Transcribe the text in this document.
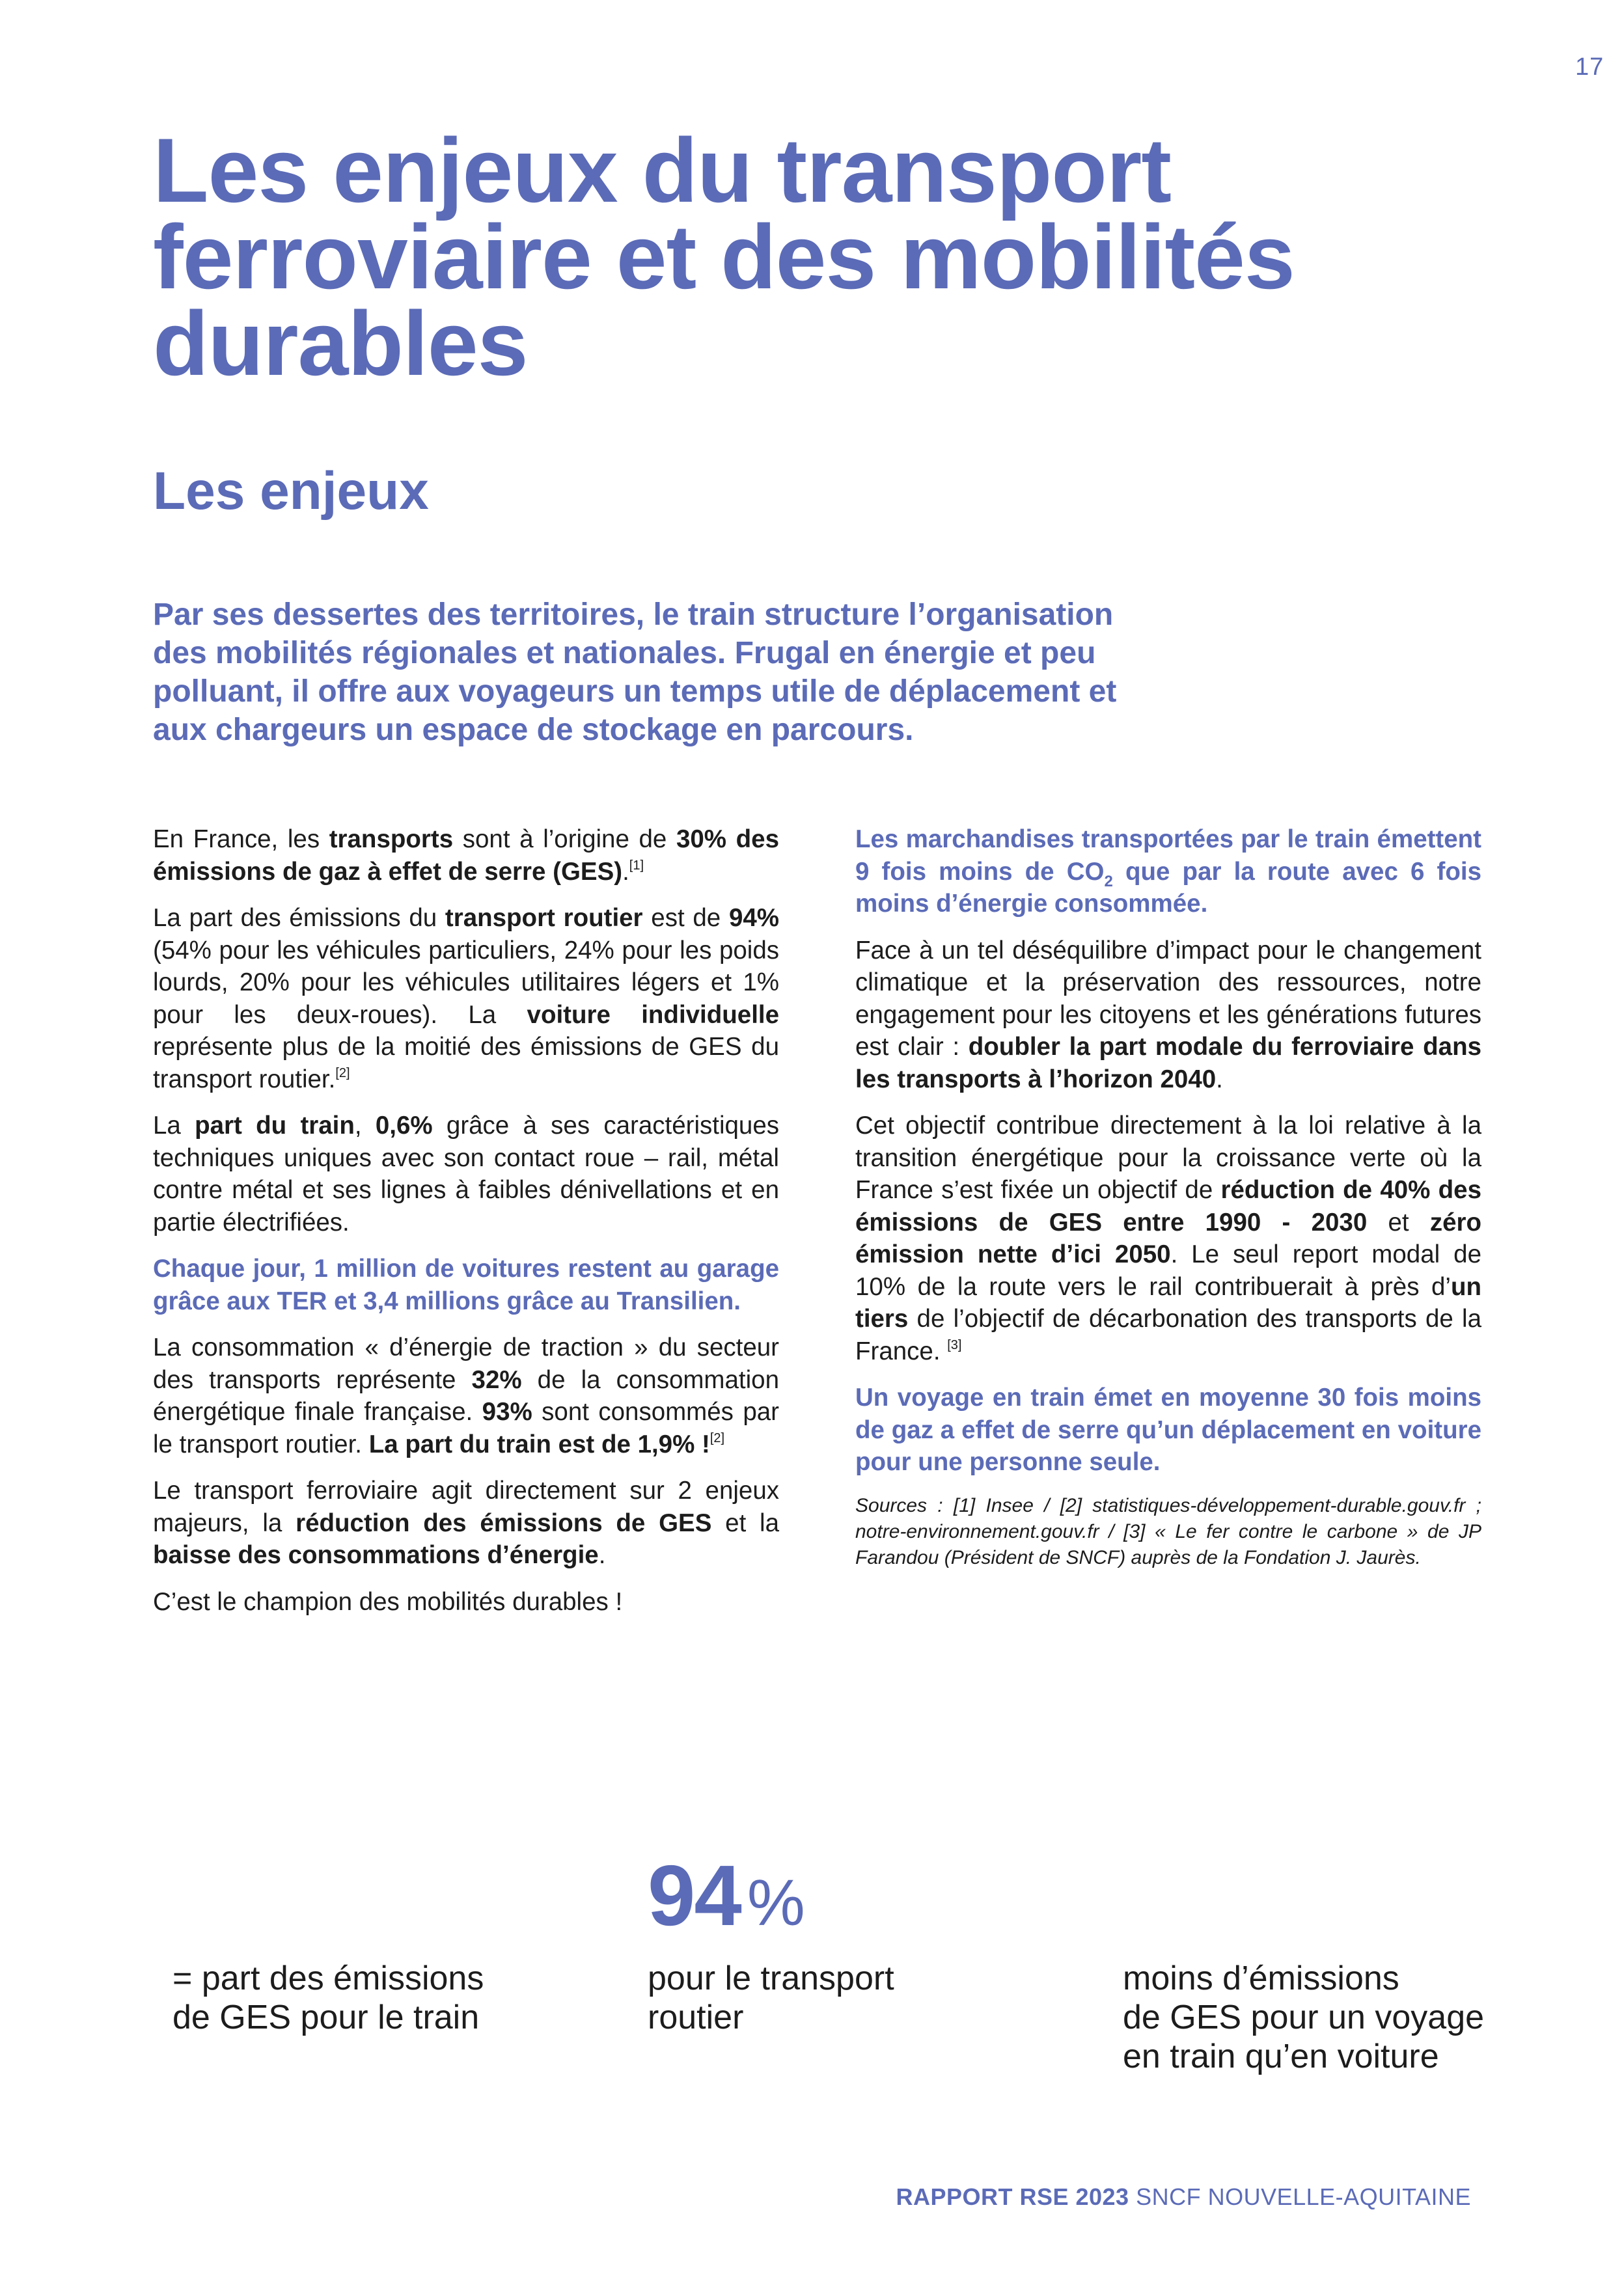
17
Les enjeux du transport ferroviaire et des mobilités durables
Les enjeux
Par ses dessertes des territoires, le train structure l’organisation des mobilités régionales et nationales. Frugal en énergie et peu polluant, il offre aux voyageurs un temps utile de déplacement et aux chargeurs un espace de stockage en parcours.

En France, les transports sont à l’origine de 30% des émissions de gaz à effet de serre (GES).[1]

La part des émissions du transport routier est de 94% (54% pour les véhicules particuliers, 24% pour les poids lourds, 20% pour les véhicules utilitaires légers et 1% pour les deux-roues). La voiture individuelle représente plus de la moitié des émissions de GES du transport routier.[2]

La part du train, 0,6% grâce à ses caractéristiques techniques uniques avec son contact roue – rail, métal contre métal et ses lignes à faibles dénivellations et en partie électrifiées.

Chaque jour, 1 million de voitures restent au garage grâce aux TER et 3,4 millions grâce au Transilien.

La consommation « d’énergie de traction » du secteur des transports représente 32% de la consommation énergétique finale française. 93% sont consommés par le transport routier. La part du train est de 1,9% ![2]

Le transport ferroviaire agit directement sur 2 enjeux majeurs, la réduction des émissions de GES et la baisse des consommations d’énergie.

C’est le champion des mobilités durables !

Les marchandises transportées par le train émettent 9 fois moins de $CO_2$ que par la route avec 6 fois moins d’énergie consommée.

Face à un tel déséquilibre d’impact pour le changement climatique et la préservation des ressources, notre engagement pour les citoyens et les générations futures est clair : doubler la part modale du ferroviaire dans les transports à l’horizon 2040.

Cet objectif contribue directement à la loi relative à la transition énergétique pour la croissance verte où la France s’est fixée un objectif de réduction de 40% des émissions de GES entre 1990 - 2030 et zéro émission nette d’ici 2050. Le seul report modal de 10% de la route vers le rail contribuerait à près d’un tiers de l’objectif de décarbonation des transports de la France. [3]

Un voyage en train émet en moyenne 30 fois moins de gaz a effet de serre qu’un déplacement en voiture pour une personne seule.

Sources : [1] Insee / [2] statistiques-développement-durable.gouv.fr ; notre-environnement.gouv.fr / [3] « Le fer contre le carbone » de JP Farandou (Président de SNCF) auprès de la Fondation J. Jaurès.

94 %
= part des émissions
de GES pour le train
pour le transport
routier
moins d’émissions
de GES pour un voyage
en train qu’en voiture
RAPPORT RSE 2023 SNCF NOUVELLE-AQUITAINE
